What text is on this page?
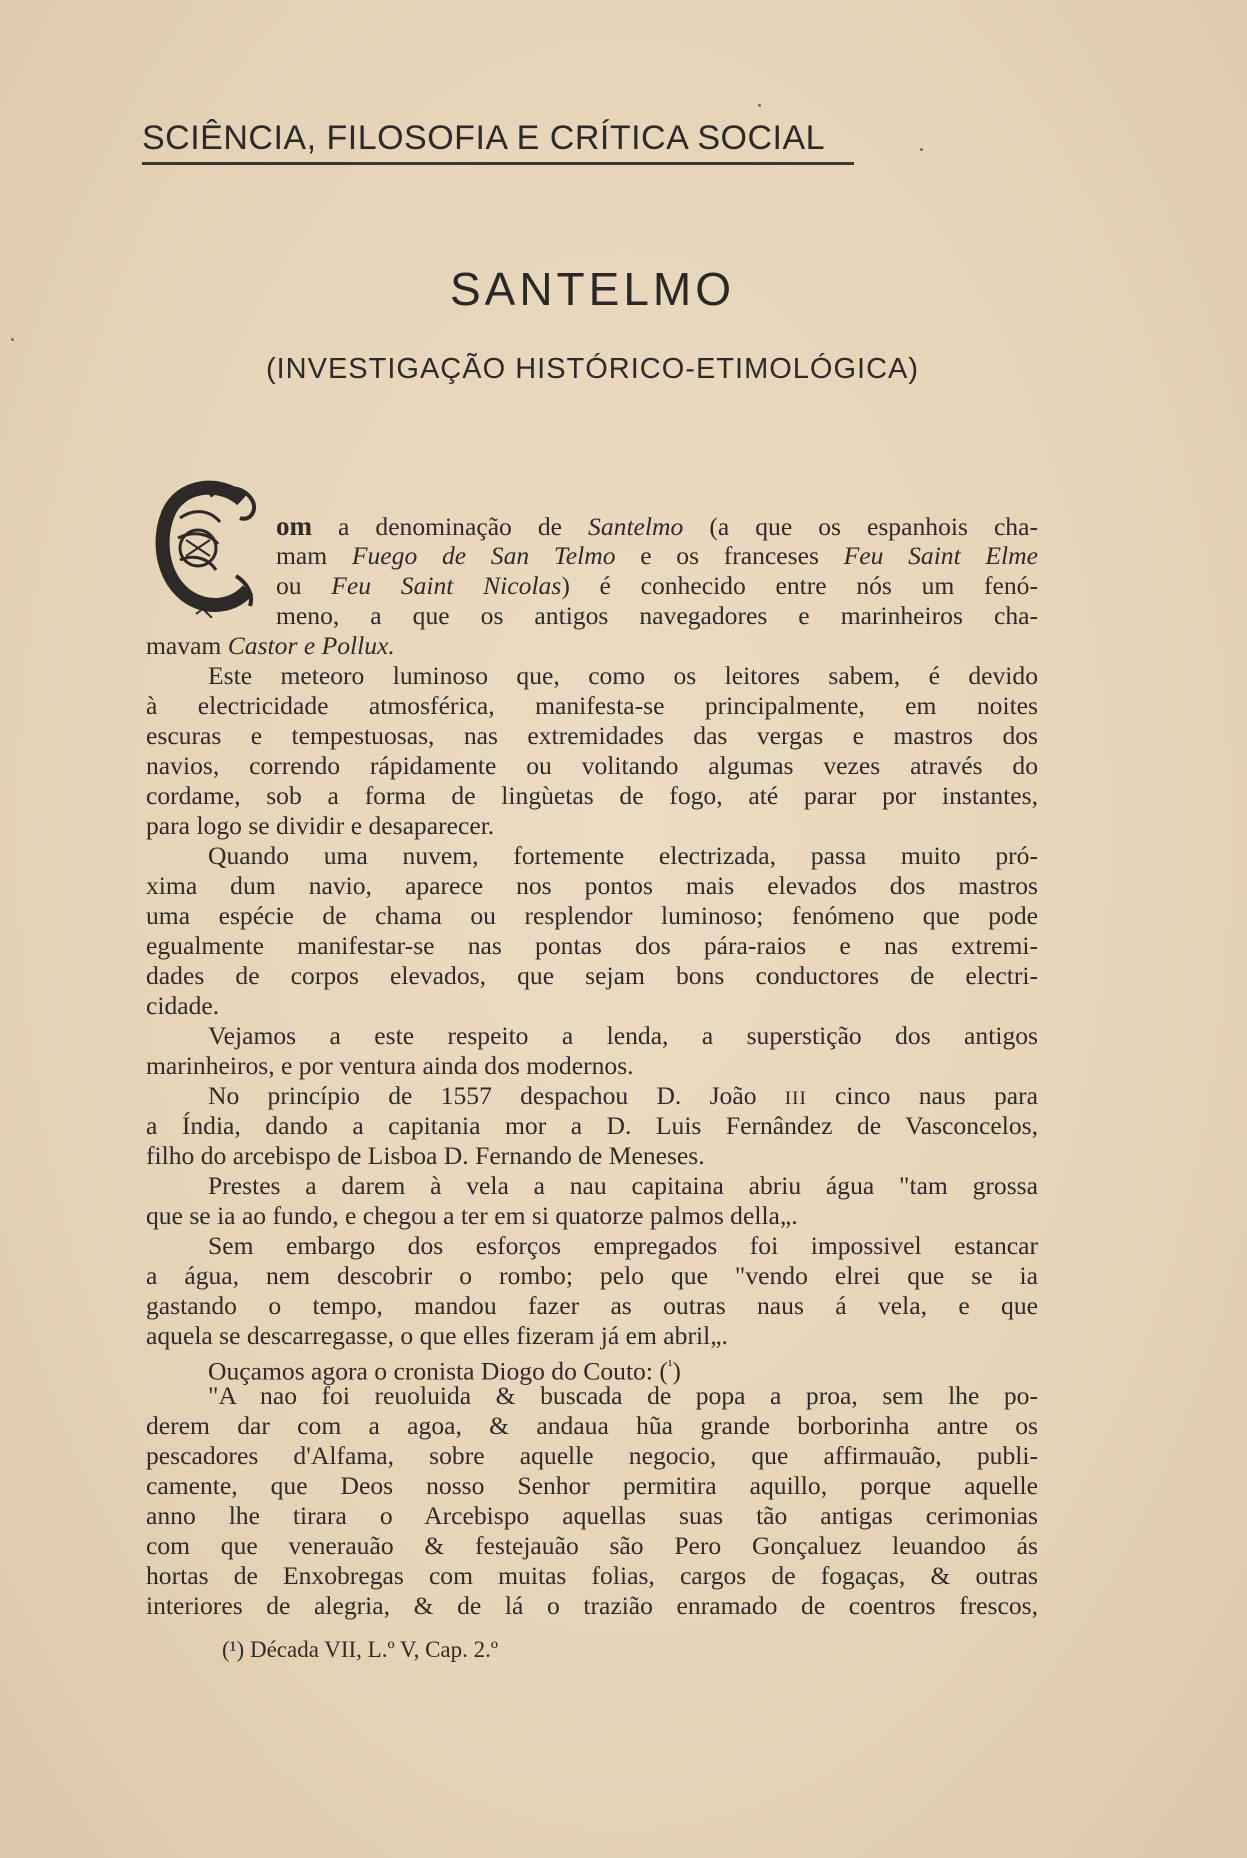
SCIÊNCIA, FILOSOFIA E CRÍTICA SOCIAL
SANTELMO
(INVESTIGAÇÃO HISTÓRICO-ETIMOLÓGICA)
om a denominação de Santelmo (a que os espanhois cha-
mam Fuego de San Telmo e os franceses Feu Saint Elme
ou Feu Saint Nicolas) é conhecido entre nós um fenó-
meno, a que os antigos navegadores e marinheiros cha-
mavam Castor e Pollux.
Este meteoro luminoso que, como os leitores sabem, é devido
à electricidade atmosférica, manifesta-se principalmente, em noites
escuras e tempestuosas, nas extremidades das vergas e mastros dos
navios, correndo rápidamente ou volitando algumas vezes através do
cordame, sob a forma de lingùetas de fogo, até parar por instantes,
para logo se dividir e desaparecer.
Quando uma nuvem, fortemente electrizada, passa muito pró-
xima dum navio, aparece nos pontos mais elevados dos mastros
uma espécie de chama ou resplendor luminoso; fenómeno que pode
egualmente manifestar-se nas pontas dos pára-raios e nas extremi-
dades de corpos elevados, que sejam bons conductores de electri-
cidade.
Vejamos a este respeito a lenda, a superstição dos antigos
marinheiros, e por ventura ainda dos modernos.
No princípio de 1557 despachou D. João III cinco naus para
a Índia, dando a capitania mor a D. Luis Fernândez de Vasconcelos,
filho do arcebispo de Lisboa D. Fernando de Meneses.
Prestes a darem à vela a nau capitaina abriu água "tam grossa
que se ia ao fundo, e chegou a ter em si quatorze palmos della„.
Sem embargo dos esforços empregados foi impossivel estancar
a água, nem descobrir o rombo; pelo que "vendo elrei que se ia
gastando o tempo, mandou fazer as outras naus á vela, e que
aquela se descarregasse, o que elles fizeram já em abril„.
Ouçamos agora o cronista Diogo do Couto: ($^{^1}$)
"A nao foi reuoluida & buscada de popa a proa, sem lhe po-
derem dar com a agoa, & andaua hũa grande borborinha antre os
pescadores d'Alfama, sobre aquelle negocio, que affirmauão, publi-
camente, que Deos nosso Senhor permitira aquillo, porque aquelle
anno lhe tirara o Arcebispo aquellas suas tão antigas cerimonias
com que venerauão & festejauão são Pero Gonçaluez leuandoo ás
hortas de Enxobregas com muitas folias, cargos de fogaças, & outras
interiores de alegria, & de lá o trazião enramado de coentros frescos,
(¹) Década VII, L.º V, Cap. 2.º
